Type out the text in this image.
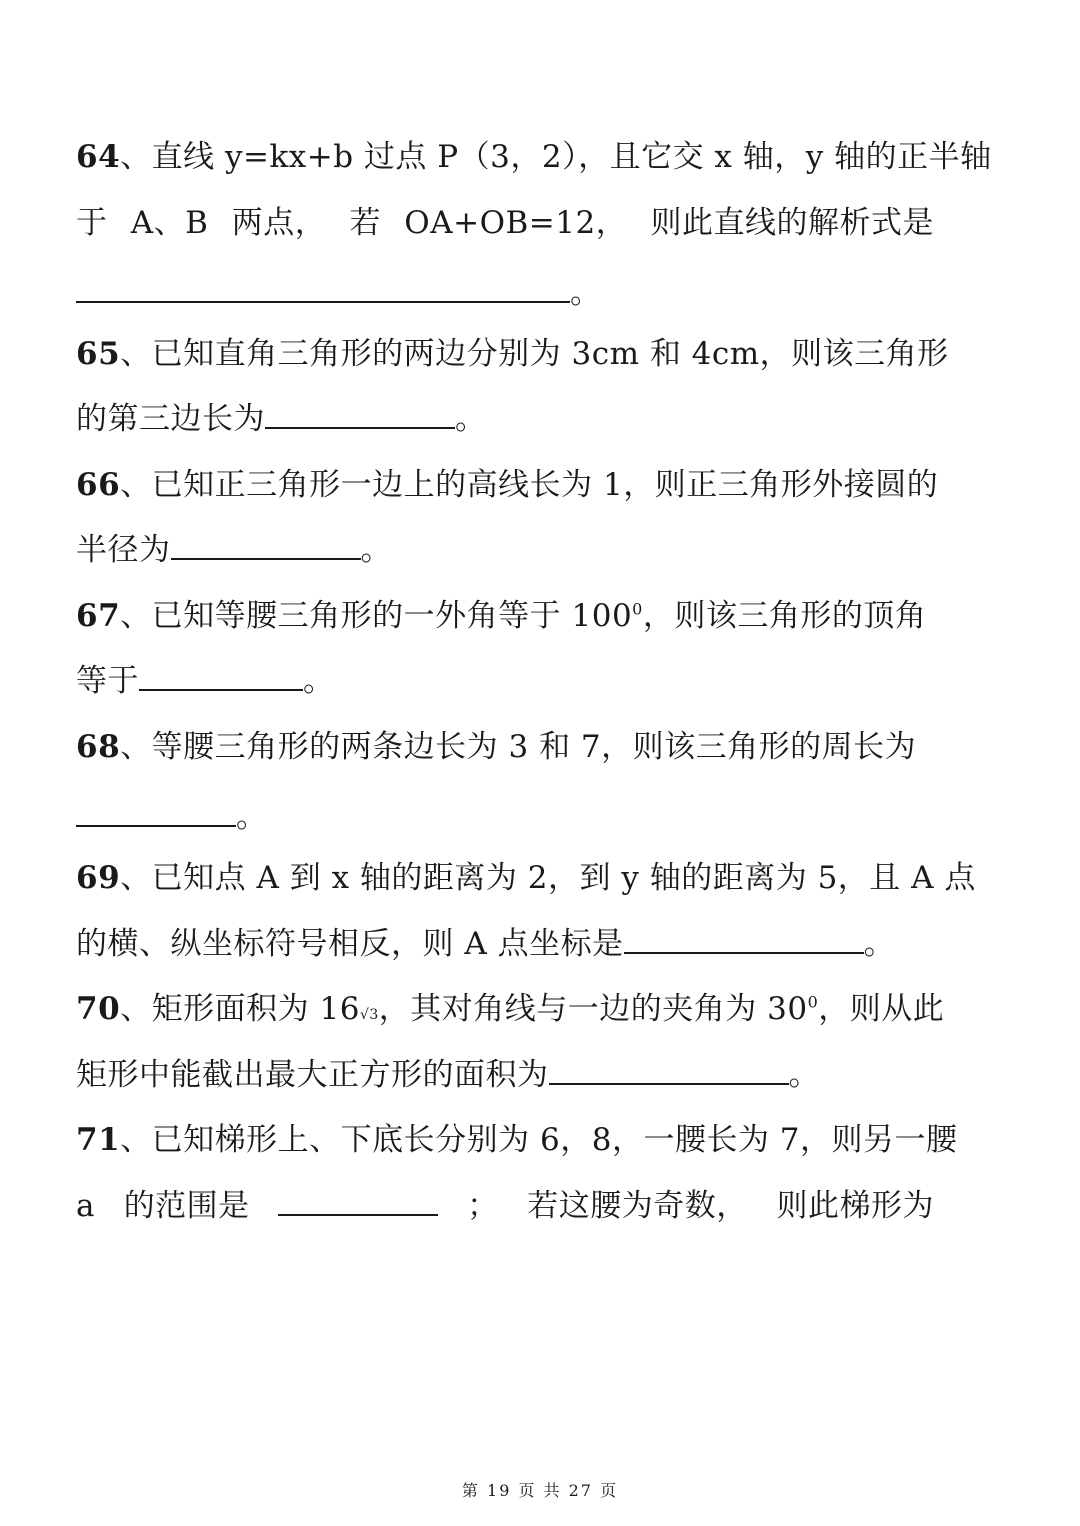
64、直线 y=kx+b 过点 P（3，2），且它交 x 轴，y 轴的正半轴
于 A、B 两点， 若 OA+OB=12， 则此直线的解析式是
。
65、已知直角三角形的两边分别为 3cm 和 4cm，则该三角形
的第三边长为	。
66、已知正三角形一边上的高线长为 1，则正三角形外接圆的
半径为	。
67、已知等腰三角形的一外角等于 $100^0$，则该三角形的顶角
等于	。
68、等腰三角形的两条边长为 3 和 7，则该三角形的周长为
。
69、已知点 A 到 x 轴的距离为 2，到 y 轴的距离为 5，且 A 点
的横、纵坐标符号相反，则 A 点坐标是	。
70、矩形面积为 16√3，其对角线与一边的夹角为 $30^0$，则从此
矩形中能截出最大正方形的面积为	。
71、已知梯形上、下底长分别为 6，8，一腰长为 7，则另一腰
a 的范围是	； 若这腰为奇数， 则此梯形为
第 19 页 共 27 页
